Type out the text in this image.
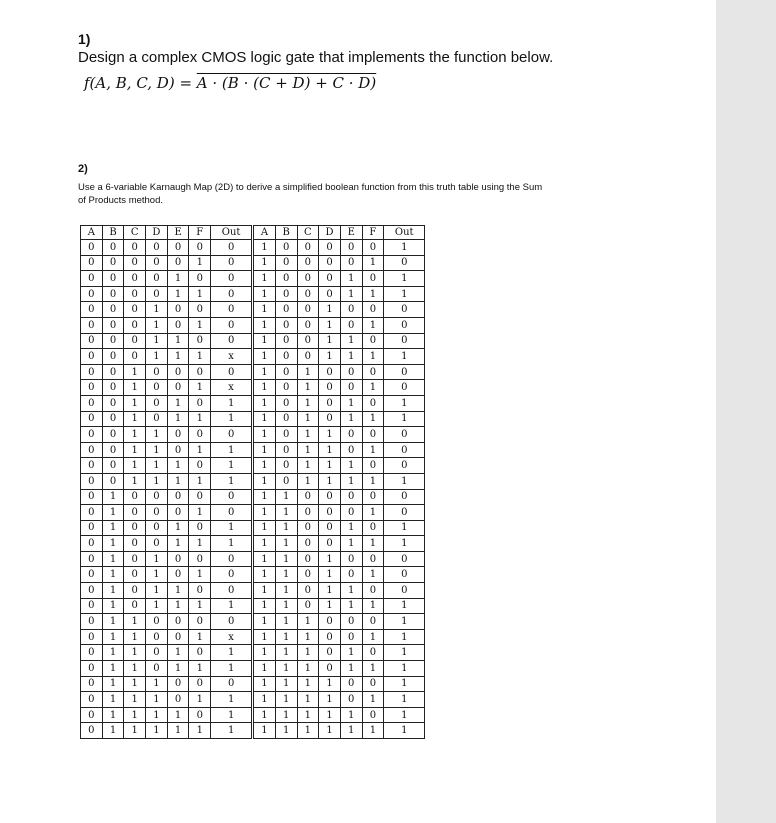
1)
Design a complex CMOS logic gate that implements the function below.
f(A, B, C, D) = A · (B · (C + D) + C · D)
2)
Use a 6-variable Karnaugh Map (2D) to derive a simplified boolean function from this truth table using the Sum of Products method.
A	B	C	D	E	F	Out	A	B	C	D	E	F	Out
0	0	0	0	0	0	0	1	0	0	0	0	0	1
0	0	0	0	0	1	0	1	0	0	0	0	1	0
0	0	0	0	1	0	0	1	0	0	0	1	0	1
0	0	0	0	1	1	0	1	0	0	0	1	1	1
0	0	0	1	0	0	0	1	0	0	1	0	0	0
0	0	0	1	0	1	0	1	0	0	1	0	1	0
0	0	0	1	1	0	0	1	0	0	1	1	0	0
0	0	0	1	1	1	x	1	0	0	1	1	1	1
0	0	1	0	0	0	0	1	0	1	0	0	0	0
0	0	1	0	0	1	x	1	0	1	0	0	1	0
0	0	1	0	1	0	1	1	0	1	0	1	0	1
0	0	1	0	1	1	1	1	0	1	0	1	1	1
0	0	1	1	0	0	0	1	0	1	1	0	0	0
0	0	1	1	0	1	1	1	0	1	1	0	1	0
0	0	1	1	1	0	1	1	0	1	1	1	0	0
0	0	1	1	1	1	1	1	0	1	1	1	1	1
0	1	0	0	0	0	0	1	1	0	0	0	0	0
0	1	0	0	0	1	0	1	1	0	0	0	1	0
0	1	0	0	1	0	1	1	1	0	0	1	0	1
0	1	0	0	1	1	1	1	1	0	0	1	1	1
0	1	0	1	0	0	0	1	1	0	1	0	0	0
0	1	0	1	0	1	0	1	1	0	1	0	1	0
0	1	0	1	1	0	0	1	1	0	1	1	0	0
0	1	0	1	1	1	1	1	1	0	1	1	1	1
0	1	1	0	0	0	0	1	1	1	0	0	0	1
0	1	1	0	0	1	x	1	1	1	0	0	1	1
0	1	1	0	1	0	1	1	1	1	0	1	0	1
0	1	1	0	1	1	1	1	1	1	0	1	1	1
0	1	1	1	0	0	0	1	1	1	1	0	0	1
0	1	1	1	0	1	1	1	1	1	1	0	1	1
0	1	1	1	1	0	1	1	1	1	1	1	0	1
0	1	1	1	1	1	1	1	1	1	1	1	1	1
